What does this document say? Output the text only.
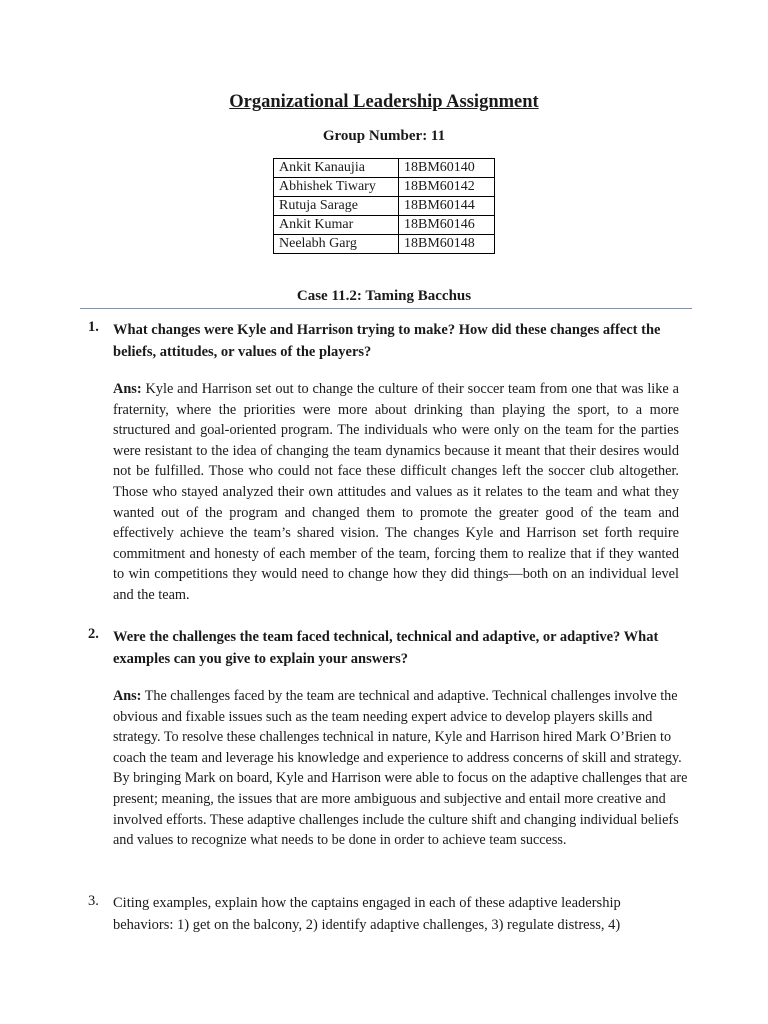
Organizational Leadership Assignment
Group Number: 11
Ankit Kanaujia	18BM60140
Abhishek Tiwary	18BM60142
Rutuja Sarage	18BM60144
Ankit Kumar	18BM60146
Neelabh Garg	18BM60148
Case 11.2: Taming Bacchus
1. What changes were Kyle and Harrison trying to make? How did these changes affect the beliefs, attitudes, or values of the players?
Ans: Kyle and Harrison set out to change the culture of their soccer team from one that was like a fraternity, where the priorities were more about drinking than playing the sport, to a more structured and goal-oriented program. The individuals who were only on the team for the parties were resistant to the idea of changing the team dynamics because it meant that their desires would not be fulfilled. Those who could not face these difficult changes left the soccer club altogether. Those who stayed analyzed their own attitudes and values as it relates to the team and what they wanted out of the program and changed them to promote the greater good of the team and effectively achieve the team’s shared vision. The changes Kyle and Harrison set forth require commitment and honesty of each member of the team, forcing them to realize that if they wanted to win competitions they would need to change how they did things—both on an individual level and the team.
2. Were the challenges the team faced technical, technical and adaptive, or adaptive? What examples can you give to explain your answers?
Ans: The challenges faced by the team are technical and adaptive. Technical challenges involve the obvious and fixable issues such as the team needing expert advice to develop players skills and strategy. To resolve these challenges technical in nature, Kyle and Harrison hired Mark O’Brien to coach the team and leverage his knowledge and experience to address concerns of skill and strategy. By bringing Mark on board, Kyle and Harrison were able to focus on the adaptive challenges that are present; meaning, the issues that are more ambiguous and subjective and entail more creative and involved efforts. These adaptive challenges include the culture shift and changing individual beliefs and values to recognize what needs to be done in order to achieve team success.
3. Citing examples, explain how the captains engaged in each of these adaptive leadership behaviors: 1) get on the balcony, 2) identify adaptive challenges, 3) regulate distress, 4)
